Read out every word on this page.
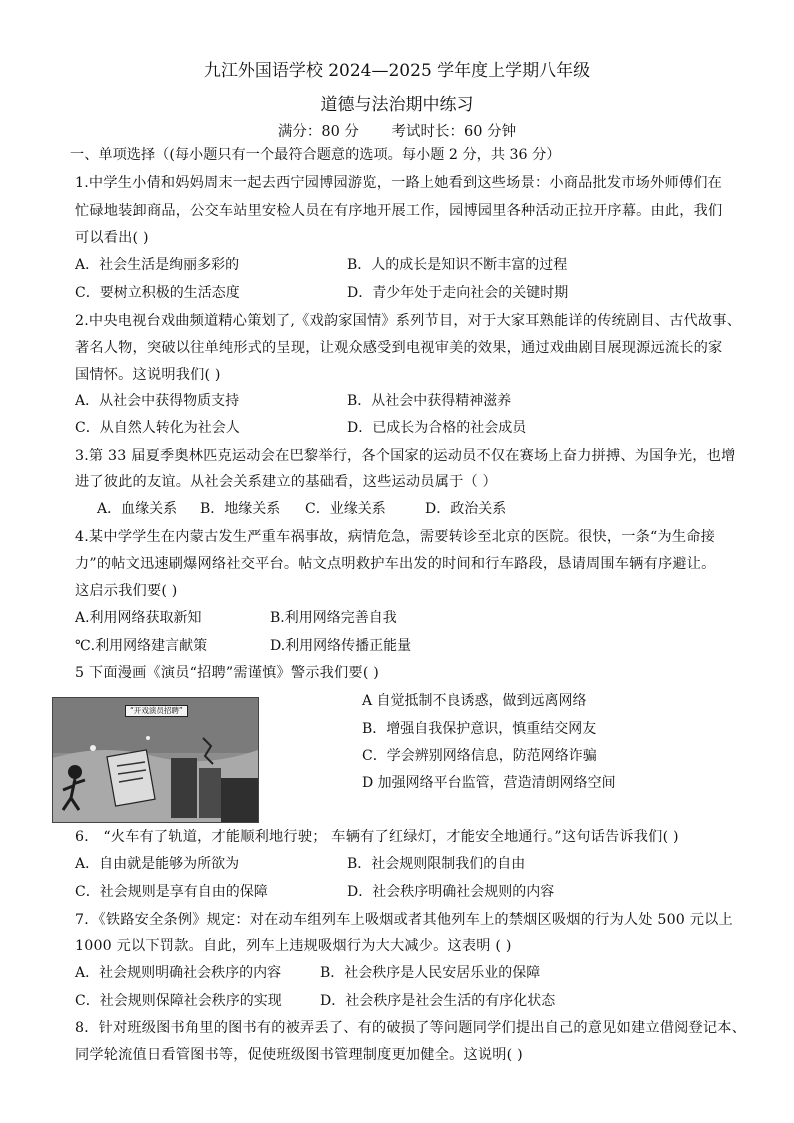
九江外国语学校 2024—2025 学年度上学期八年级
道德与法治期中练习
满分：80 分 考试时长：60 分钟
一、单项选择（(每小题只有一个最符合题意的选项。每小题 2 分，共 36 分）
1.中学生小倩和妈妈周末一起去西宁园博园游览，一路上她看到这些场景：小商品批发市场外师傅们在
忙碌地装卸商品，公交车站里安检人员在有序地开展工作，园博园里各种活动正拉开序幕。由此，我们
可以看出( )
A．社会生活是绚丽多彩的	B．人的成长是知识不断丰富的过程
C．要树立积极的生活态度	D．青少年处于走向社会的关键时期
2.中央电视台戏曲频道精心策划了,《戏韵家国情》系列节目，对于大家耳熟能详的传统剧目、古代故事、
著名人物，突破以往单纯形式的呈现，让观众感受到电视审美的效果，通过戏曲剧目展现源远流长的家
国情怀。这说明我们( )
A．从社会中获得物质支持	B．从社会中获得精神滋养
C．从自然人转化为社会人	D．已成长为合格的社会成员
3.第 33 届夏季奥林匹克运动会在巴黎举行，各个国家的运动员不仅在赛场上奋力拼搏、为国争光，也增
进了彼此的友谊。从社会关系建立的基础看，这些运动员属于（ ）
A．血缘关系 B．地缘关系 C．业缘关系	D．政治关系
4.某中学学生在内蒙古发生严重车祸事故，病情危急，需要转诊至北京的医院。很快，一条“为生命接
力”的帖文迅速刷爆网络社交平台。帖文点明救护车出发的时间和行车路段，恳请周围车辆有序避让。
这启示我们要( )
A.利用网络获取新知	B.利用网络完善自我
℃.利用网络建言献策	D.利用网络传播正能量
5 下面漫画《演员“招聘”需谨慎》警示我们要( )
“开戏演员招聘”
A 自觉抵制不良诱惑，做到远离网络
B．增强自我保护意识，慎重结交网友
C．学会辨别网络信息，防范网络诈骗
D 加强网络平台监管，营造清朗网络空间
6． “火车有了轨道，才能顺利地行驶； 车辆有了红绿灯，才能安全地通行。”这句话告诉我们( )
A．自由就是能够为所欲为	B．社会规则限制我们的自由
C．社会规则是享有自由的保障	D．社会秩序明确社会规则的内容
7．《铁路安全条例》规定：对在动车组列车上吸烟或者其他列车上的禁烟区吸烟的行为人处 500 元以上
1000 元以下罚款。自此，列车上违规吸烟行为大大减少。这表明 ( )
A．社会规则明确社会秩序的内容	B．社会秩序是人民安居乐业的保障
C．社会规则保障社会秩序的实现	D．社会秩序是社会生活的有序化状态
8．针对班级图书角里的图书有的被弄丢了、有的破损了等问题同学们提出自己的意见如建立借阅登记本、
同学轮流值日看管图书等，促使班级图书管理制度更加健全。这说明( )
